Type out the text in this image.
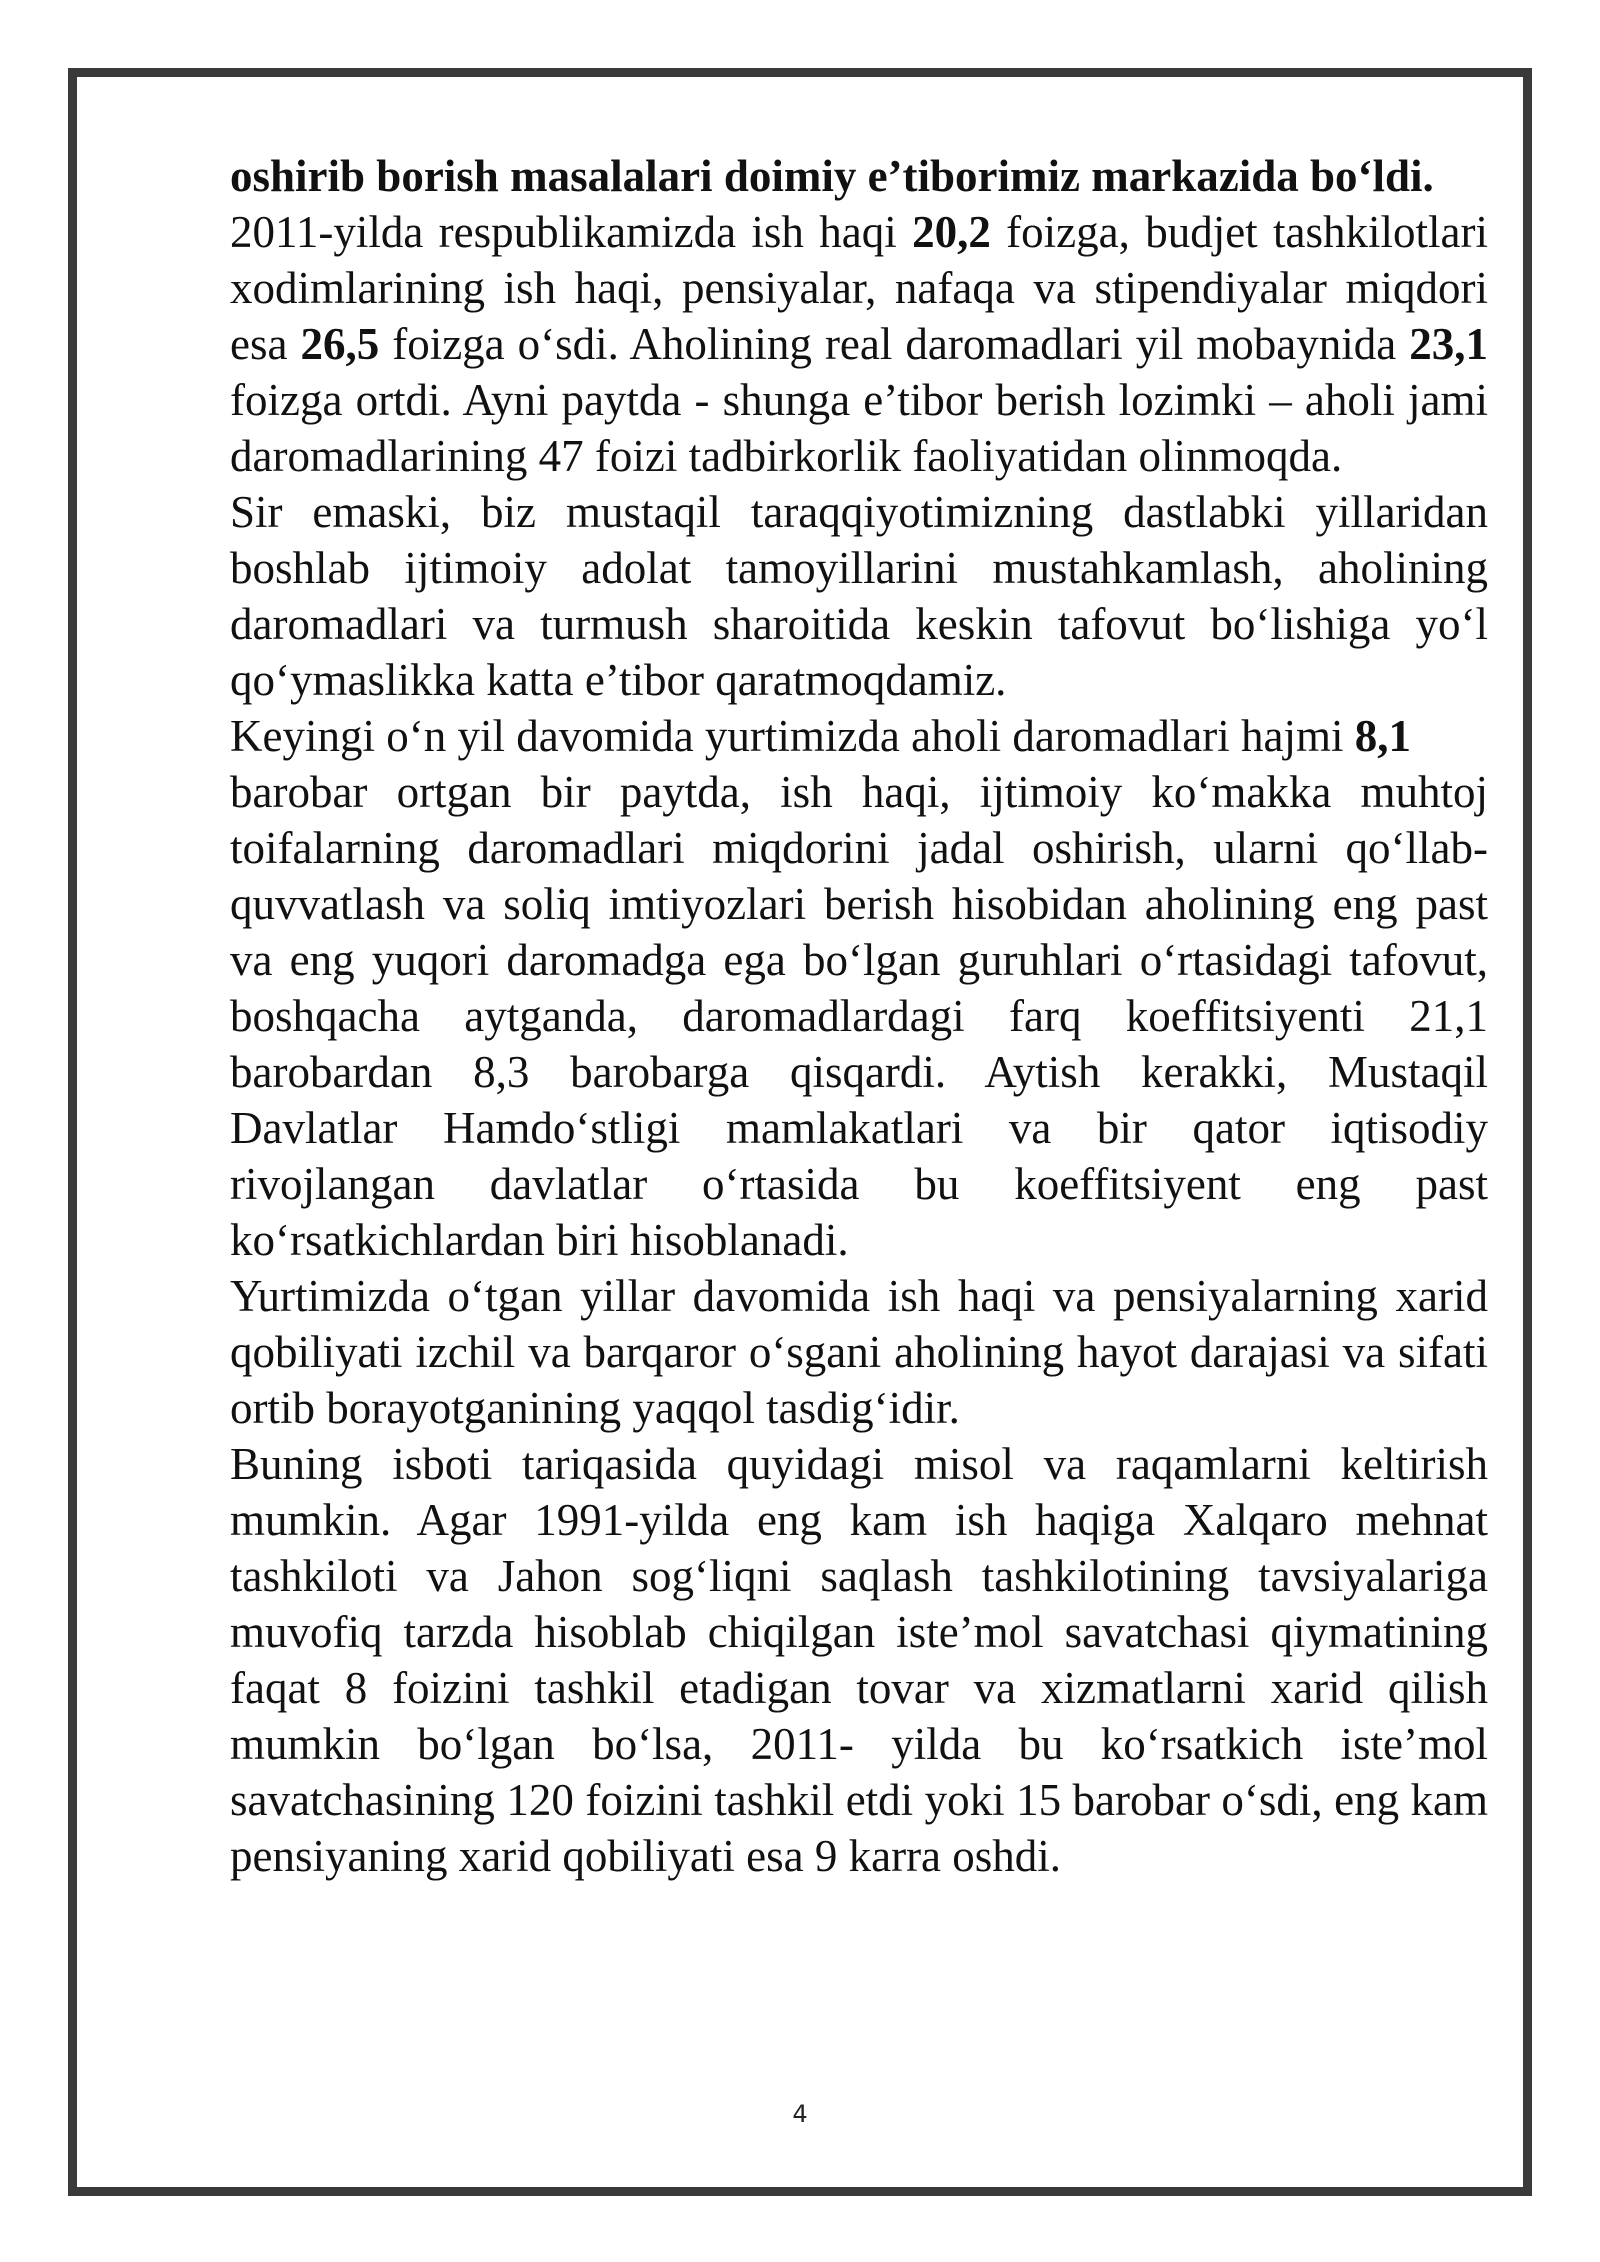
oshirib borish masalalari doimiy e’tiborimiz markazida bo‘ldi.

2011-yilda respublikamizda ish haqi 20,2 foizga, budjet tashkilotlari xodimlarining ish haqi, pensiyalar, nafaqa va stipendiyalar miqdori esa 26,5 foizga o‘sdi. Aholining real daromadlari yil mobaynida 23,1 foizga ortdi. Ayni paytda - shunga e’tibor berish lozimki – aholi jami daromadlarining 47 foizi tadbirkorlik faoliyatidan olinmoqda.

Sir emaski, biz mustaqil taraqqiyotimizning dastlabki yillaridan boshlab ijtimoiy adolat tamoyillarini mustahkamlash, aholining daromadlari va turmush sharoitida keskin tafovut bo‘lishiga yo‘l qo‘ymaslikka katta e’tibor qaratmoqdamiz.

Keyingi o‘n yil davomida yurtimizda aholi daromadlari hajmi 8,1

barobar ortgan bir paytda, ish haqi, ijtimoiy ko‘makka muhtoj toifalarning daromadlari miqdorini jadal oshirish, ularni qo‘llab-quvvatlash va soliq imtiyozlari berish hisobidan aholining eng past va eng yuqori daromadga ega bo‘lgan guruhlari o‘rtasidagi tafovut, boshqacha aytganda, daromadlardagi farq koeffitsiyenti 21,1 barobardan 8,3 barobarga qisqardi. Aytish kerakki, Mustaqil Davlatlar Hamdo‘stligi mamlakatlari va bir qator iqtisodiy rivojlangan davlatlar o‘rtasida bu koeffitsiyent eng past ko‘rsatkichlardan biri hisoblanadi.

Yurtimizda o‘tgan yillar davomida ish haqi va pensiyalarning xarid qobiliyati izchil va barqaror o‘sgani aholining hayot darajasi va sifati ortib borayotganining yaqqol tasdig‘idir.

Buning isboti tariqasida quyidagi misol va raqamlarni keltirish mumkin. Agar 1991-yilda eng kam ish haqiga Xalqaro mehnat tashkiloti va Jahon sog‘liqni saqlash tashkilotining tavsiyalariga muvofiq tarzda hisoblab chiqilgan iste’mol savatchasi qiymatining faqat 8 foizini tashkil etadigan tovar va xizmatlarni xarid qilish mumkin bo‘lgan bo‘lsa, 2011- yilda bu ko‘rsatkich iste’mol savatchasining 120 foizini tashkil etdi yoki 15 barobar o‘sdi, eng kam pensiyaning xarid qobiliyati esa 9 karra oshdi.

4
